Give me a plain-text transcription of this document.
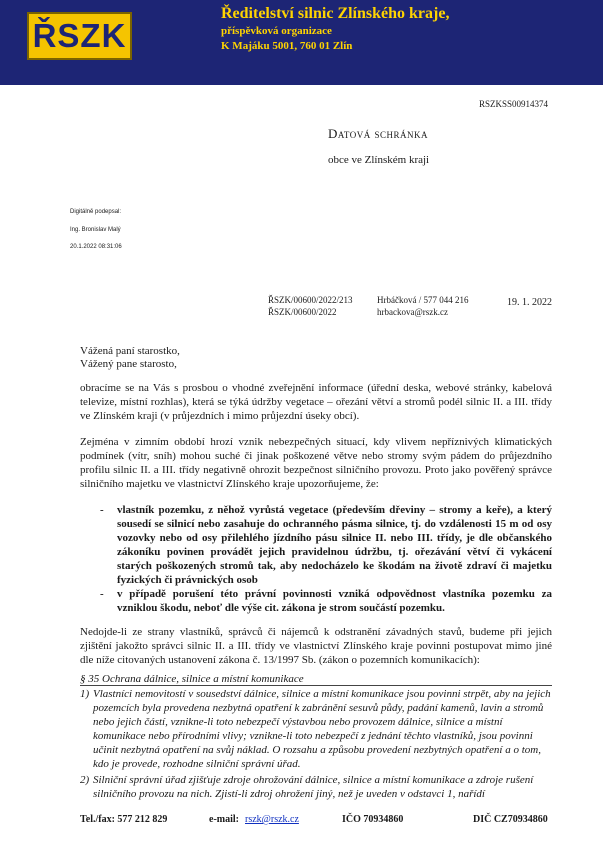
ŘSZK
Ředitelství silnic Zlínského kraje,
příspěvková organizace
K Majáku 5001, 760 01 Zlín
RSZKSS00914374
Datová schránka
obce ve Zlínském kraji
Digitálně podepsal:
Ing. Bronislav Malý
20.1.2022 08:31:06
ŘSZK/00600/2022/213
ŘSZK/00600/2022
Hrbáčková / 577 044 216
hrbackova@rszk.cz
19. 1. 2022
Vážená paní starostko,
Vážený pane starosto,
obracíme se na Vás s prosbou o vhodné zveřejnění informace (úřední deska, webové stránky, kabelová televize, místní rozhlas), která se týká údržby vegetace – ořezání větví a stromů podél silnic II. a III. třídy ve Zlínském kraji (v průjezdních i mimo průjezdní úseky obcí).
Zejména v zimním období hrozí vznik nebezpečných situací, kdy vlivem nepříznivých klimatických podmínek (vítr, sníh) mohou suché či jinak poškozené větve nebo stromy svým pádem do průjezdního profilu silnic II. a III. třídy negativně ohrozit bezpečnost silničního provozu. Proto jako pověřený správce silničního majetku ve vlastnictví Zlínského kraje upozorňujeme, že:
- vlastník pozemku, z něhož vyrůstá vegetace (především dřeviny – stromy a keře), a který sousedí se silnicí nebo zasahuje do ochranného pásma silnice, tj. do vzdálenosti 15 m od osy vozovky nebo od osy přilehlého jízdního pásu silnice II. nebo III. třídy, je dle občanského zákoníku povinen provádět jejich pravidelnou údržbu, tj. ořezávání větví či vykácení starých poškozených stromů tak, aby nedocházelo ke škodám na životě zdraví či majetku fyzických či právnických osob
- v případě porušení této právní povinnosti vzniká odpovědnost vlastníka pozemku za vzniklou škodu, neboť dle výše cit. zákona je strom součástí pozemku.
Nedojde-li ze strany vlastníků, správců či nájemců k odstranění závadných stavů, budeme při jejich zjištění jakožto správci silnic II. a III. třídy ve vlastnictví Zlínského kraje povinni postupovat mimo jiné dle níže citovaných ustanovení zákona č. 13/1997 Sb. (zákon o pozemních komunikacích):
§ 35 Ochrana dálnice, silnice a místní komunikace
1) Vlastníci nemovitostí v sousedství dálnice, silnice a místní komunikace jsou povinni strpět, aby na jejich pozemcích byla provedena nezbytná opatření k zabránění sesuvů půdy, padání kamenů, lavin a stromů nebo jejich částí, vznikne-li toto nebezpečí výstavbou nebo provozem dálnice, silnice a místní komunikace nebo přírodními vlivy; vznikne-li toto nebezpečí z jednání těchto vlastníků, jsou povinni učinit nezbytná opatření na svůj náklad. O rozsahu a způsobu provedení nezbytných opatření a o tom, kdo je provede, rozhodne silniční správní úřad.
2) Silniční správní úřad zjišťuje zdroje ohrožování dálnice, silnice a místní komunikace a zdroje rušení silničního provozu na nich. Zjistí-li zdroj ohrožení jiný, než je uveden v odstavci 1, nařídí
Tel./fax: 577 212 829	e-mail: rszk@rszk.cz	IČO 70934860	DIČ CZ70934860
